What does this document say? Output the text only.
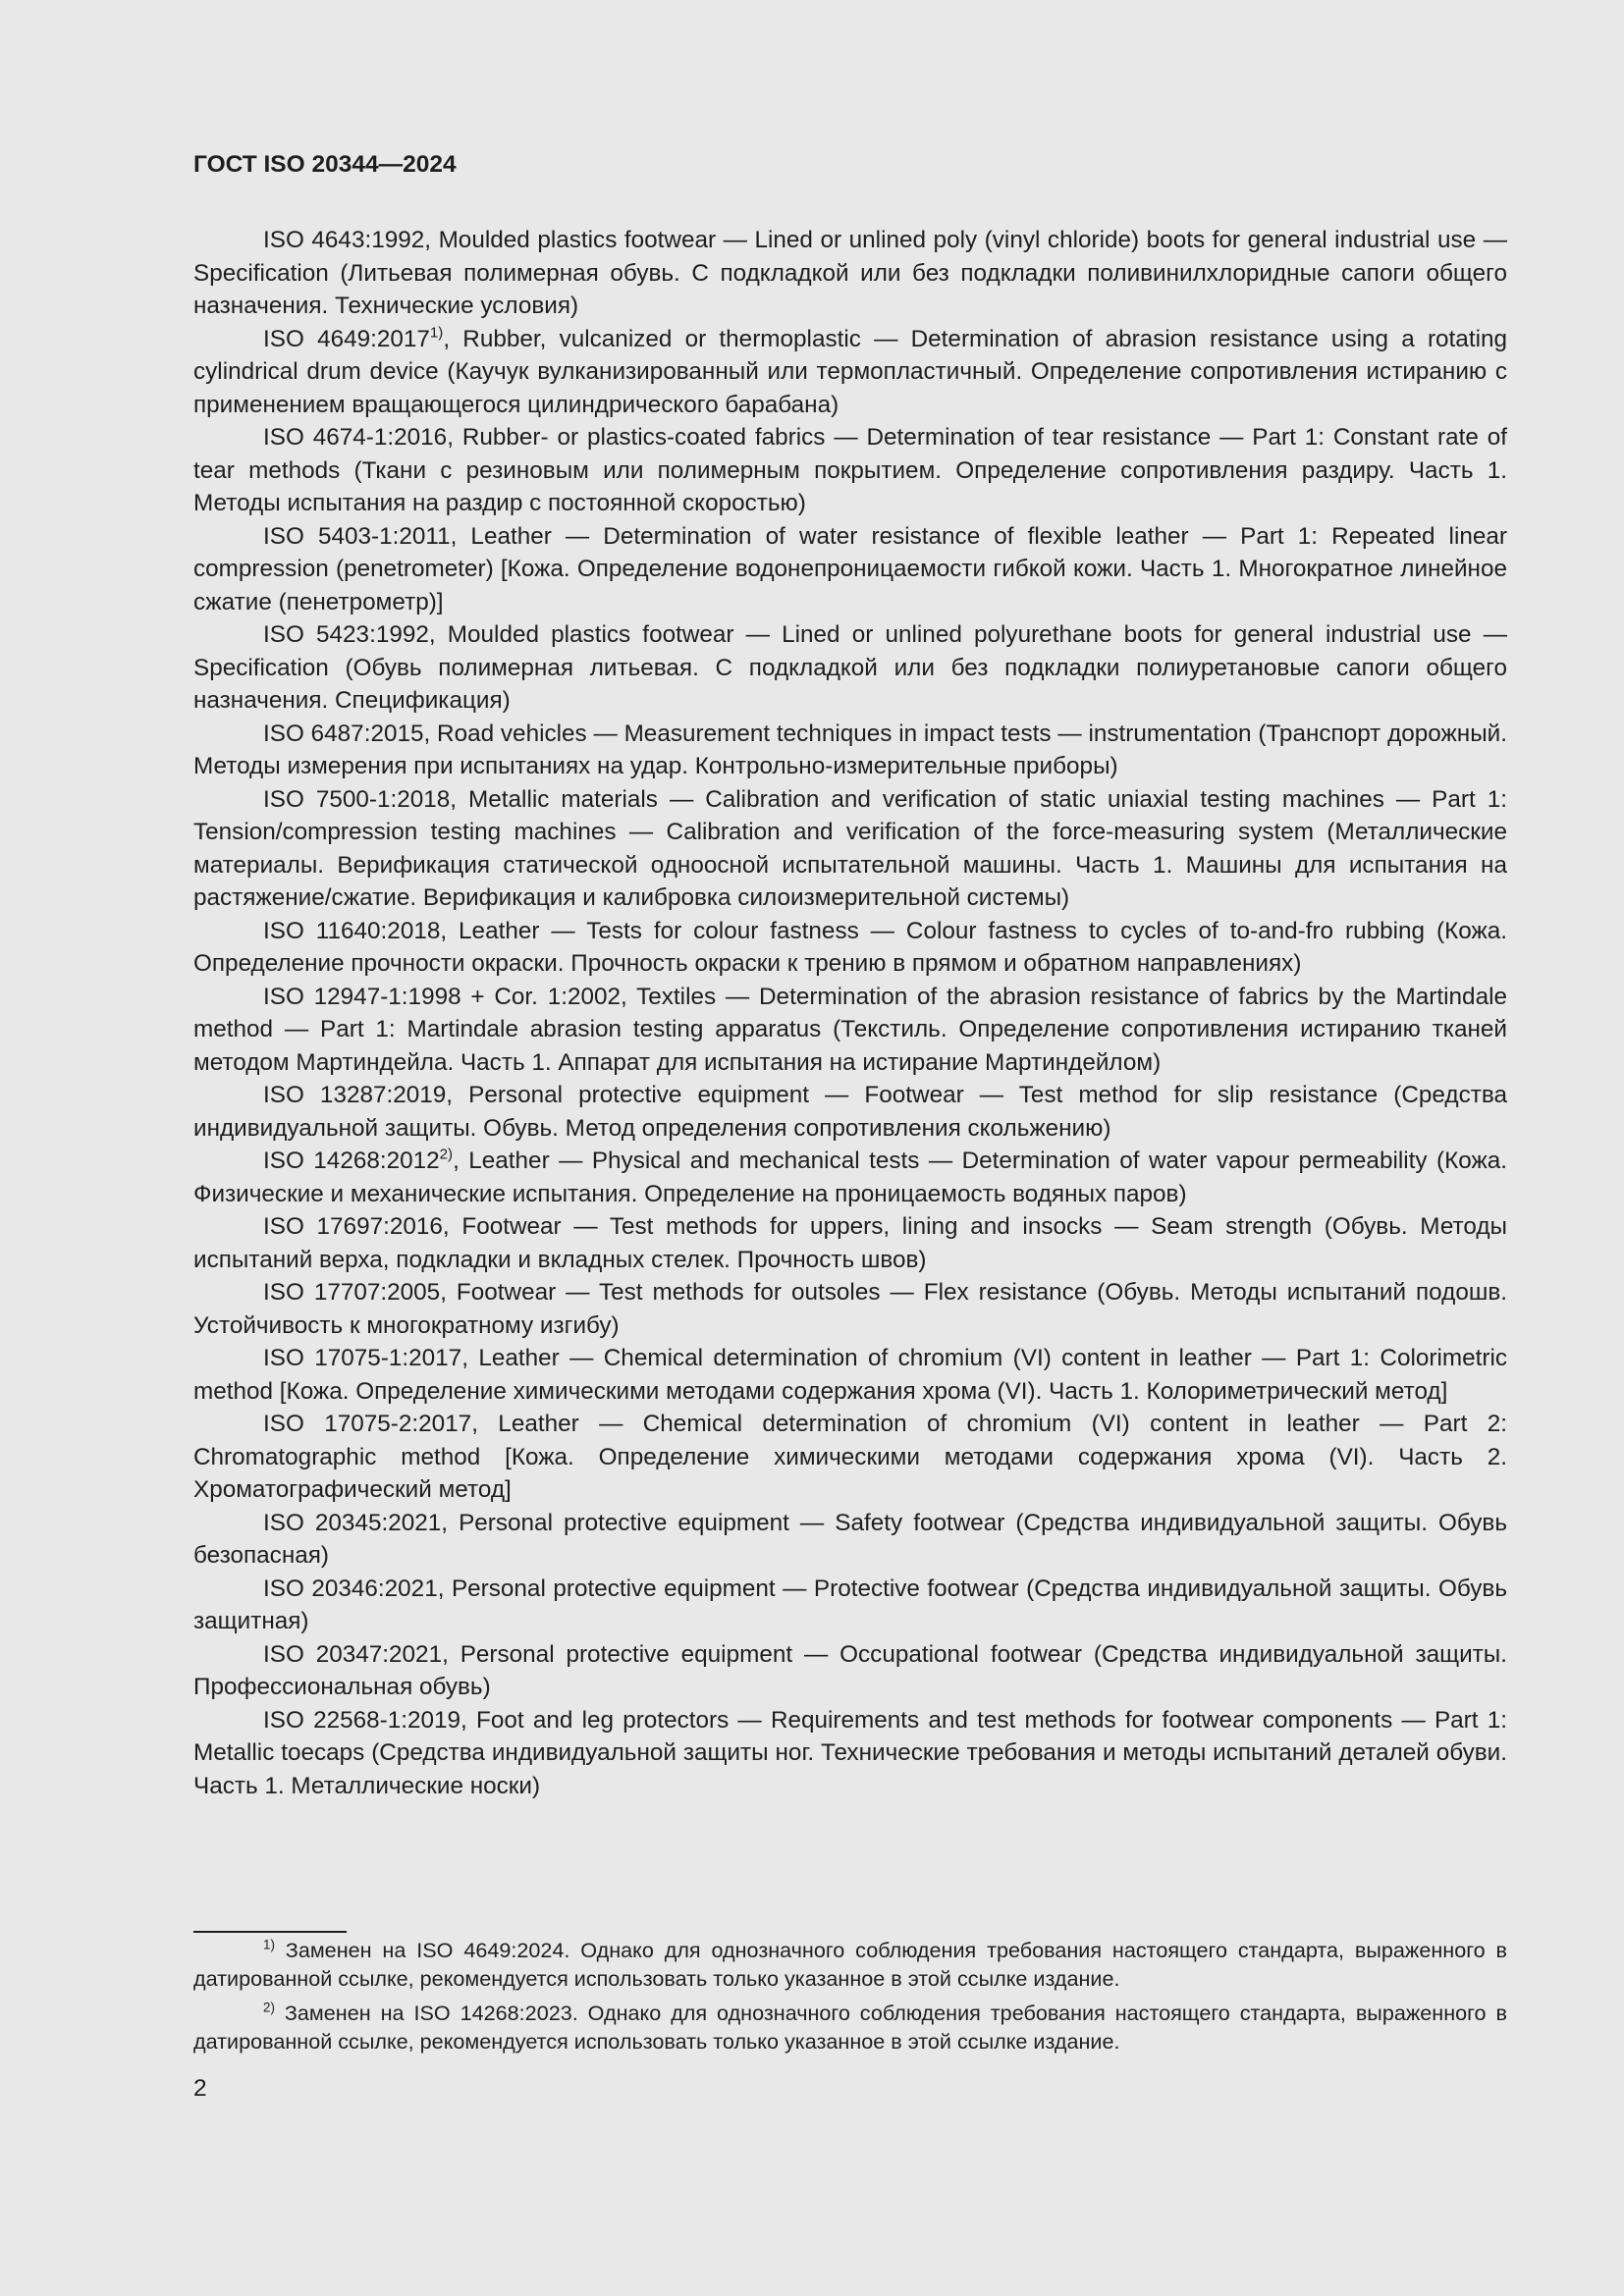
ГОСТ ISO 20344—2024

ISO 4643:1992, Moulded plastics footwear — Lined or unlined poly (vinyl chloride) boots for general industrial use — Specification (Литьевая полимерная обувь. С подкладкой или без подкладки поливинилхлоридные сапоги общего назначения. Технические условия)

ISO 4649:2017$^{1)}$, Rubber, vulcanized or thermoplastic — Determination of abrasion resistance using a rotating cylindrical drum device (Каучук вулканизированный или термопластичный. Определение сопротивления истиранию с применением вращающегося цилиндрического барабана)

ISO 4674-1:2016, Rubber- or plastics-coated fabrics — Determination of tear resistance — Part 1: Constant rate of tear methods (Ткани с резиновым или полимерным покрытием. Определение сопротивления раздиру. Часть 1. Методы испытания на раздир с постоянной скоростью)

ISO 5403-1:2011, Leather — Determination of water resistance of flexible leather — Part 1: Repeated linear compression (penetrometer) [Кожа. Определение водонепроницаемости гибкой кожи. Часть 1. Многократное линейное сжатие (пенетрометр)]

ISO 5423:1992, Moulded plastics footwear — Lined or unlined polyurethane boots for general industrial use — Specification (Обувь полимерная литьевая. С подкладкой или без подкладки полиуретановые сапоги общего назначения. Спецификация)

ISO 6487:2015, Road vehicles — Measurement techniques in impact tests — instrumentation (Транспорт дорожный. Методы измерения при испытаниях на удар. Контрольно-измерительные приборы)

ISO 7500-1:2018, Metallic materials — Calibration and verification of static uniaxial testing machines — Part 1: Tension/compression testing machines — Calibration and verification of the force-measuring system (Металлические материалы. Верификация статической одноосной испытательной машины. Часть 1. Машины для испытания на растяжение/сжатие. Верификация и калибровка силоизмерительной системы)

ISO 11640:2018, Leather — Tests for colour fastness — Colour fastness to cycles of to-and-fro rubbing (Кожа. Определение прочности окраски. Прочность окраски к трению в прямом и обратном направлениях)

ISO 12947-1:1998 + Cor. 1:2002, Textiles — Determination of the abrasion resistance of fabrics by the Martindale method — Part 1: Martindale abrasion testing apparatus (Текстиль. Определение сопротивления истиранию тканей методом Мартиндейла. Часть 1. Аппарат для испытания на истирание Мартиндейлом)

ISO 13287:2019, Personal protective equipment — Footwear — Test method for slip resistance (Средства индивидуальной защиты. Обувь. Метод определения сопротивления скольжению)

ISO 14268:2012$^{2)}$, Leather — Physical and mechanical tests — Determination of water vapour permeability (Кожа. Физические и механические испытания. Определение на проницаемость водяных паров)

ISO 17697:2016, Footwear — Test methods for uppers, lining and insocks — Seam strength (Обувь. Методы испытаний верха, подкладки и вкладных стелек. Прочность швов)

ISO 17707:2005, Footwear — Test methods for outsoles — Flex resistance (Обувь. Методы испытаний подошв. Устойчивость к многократному изгибу)

ISO 17075-1:2017, Leather — Chemical determination of chromium (VI) content in leather — Part 1: Colorimetric method [Кожа. Определение химическими методами содержания хрома (VI). Часть 1. Колориметрический метод]

ISO 17075-2:2017, Leather — Chemical determination of chromium (VI) content in leather — Part 2: Chromatographic method [Кожа. Определение химическими методами содержания хрома (VI). Часть 2. Хроматографический метод]

ISO 20345:2021, Personal protective equipment — Safety footwear (Средства индивидуальной защиты. Обувь безопасная)

ISO 20346:2021, Personal protective equipment — Protective footwear (Средства индивидуальной защиты. Обувь защитная)

ISO 20347:2021, Personal protective equipment — Occupational footwear (Средства индивидуальной защиты. Профессиональная обувь)

ISO 22568-1:2019, Foot and leg protectors — Requirements and test methods for footwear components — Part 1: Metallic toecaps (Средства индивидуальной защиты ног. Технические требования и методы испытаний деталей обуви. Часть 1. Металлические носки)

$^{1)}$ Заменен на ISO 4649:2024. Однако для однозначного соблюдения требования настоящего стандарта, выраженного в датированной ссылке, рекомендуется использовать только указанное в этой ссылке издание.

$^{2)}$ Заменен на ISO 14268:2023. Однако для однозначного соблюдения требования настоящего стандарта, выраженного в датированной ссылке, рекомендуется использовать только указанное в этой ссылке издание.

2
